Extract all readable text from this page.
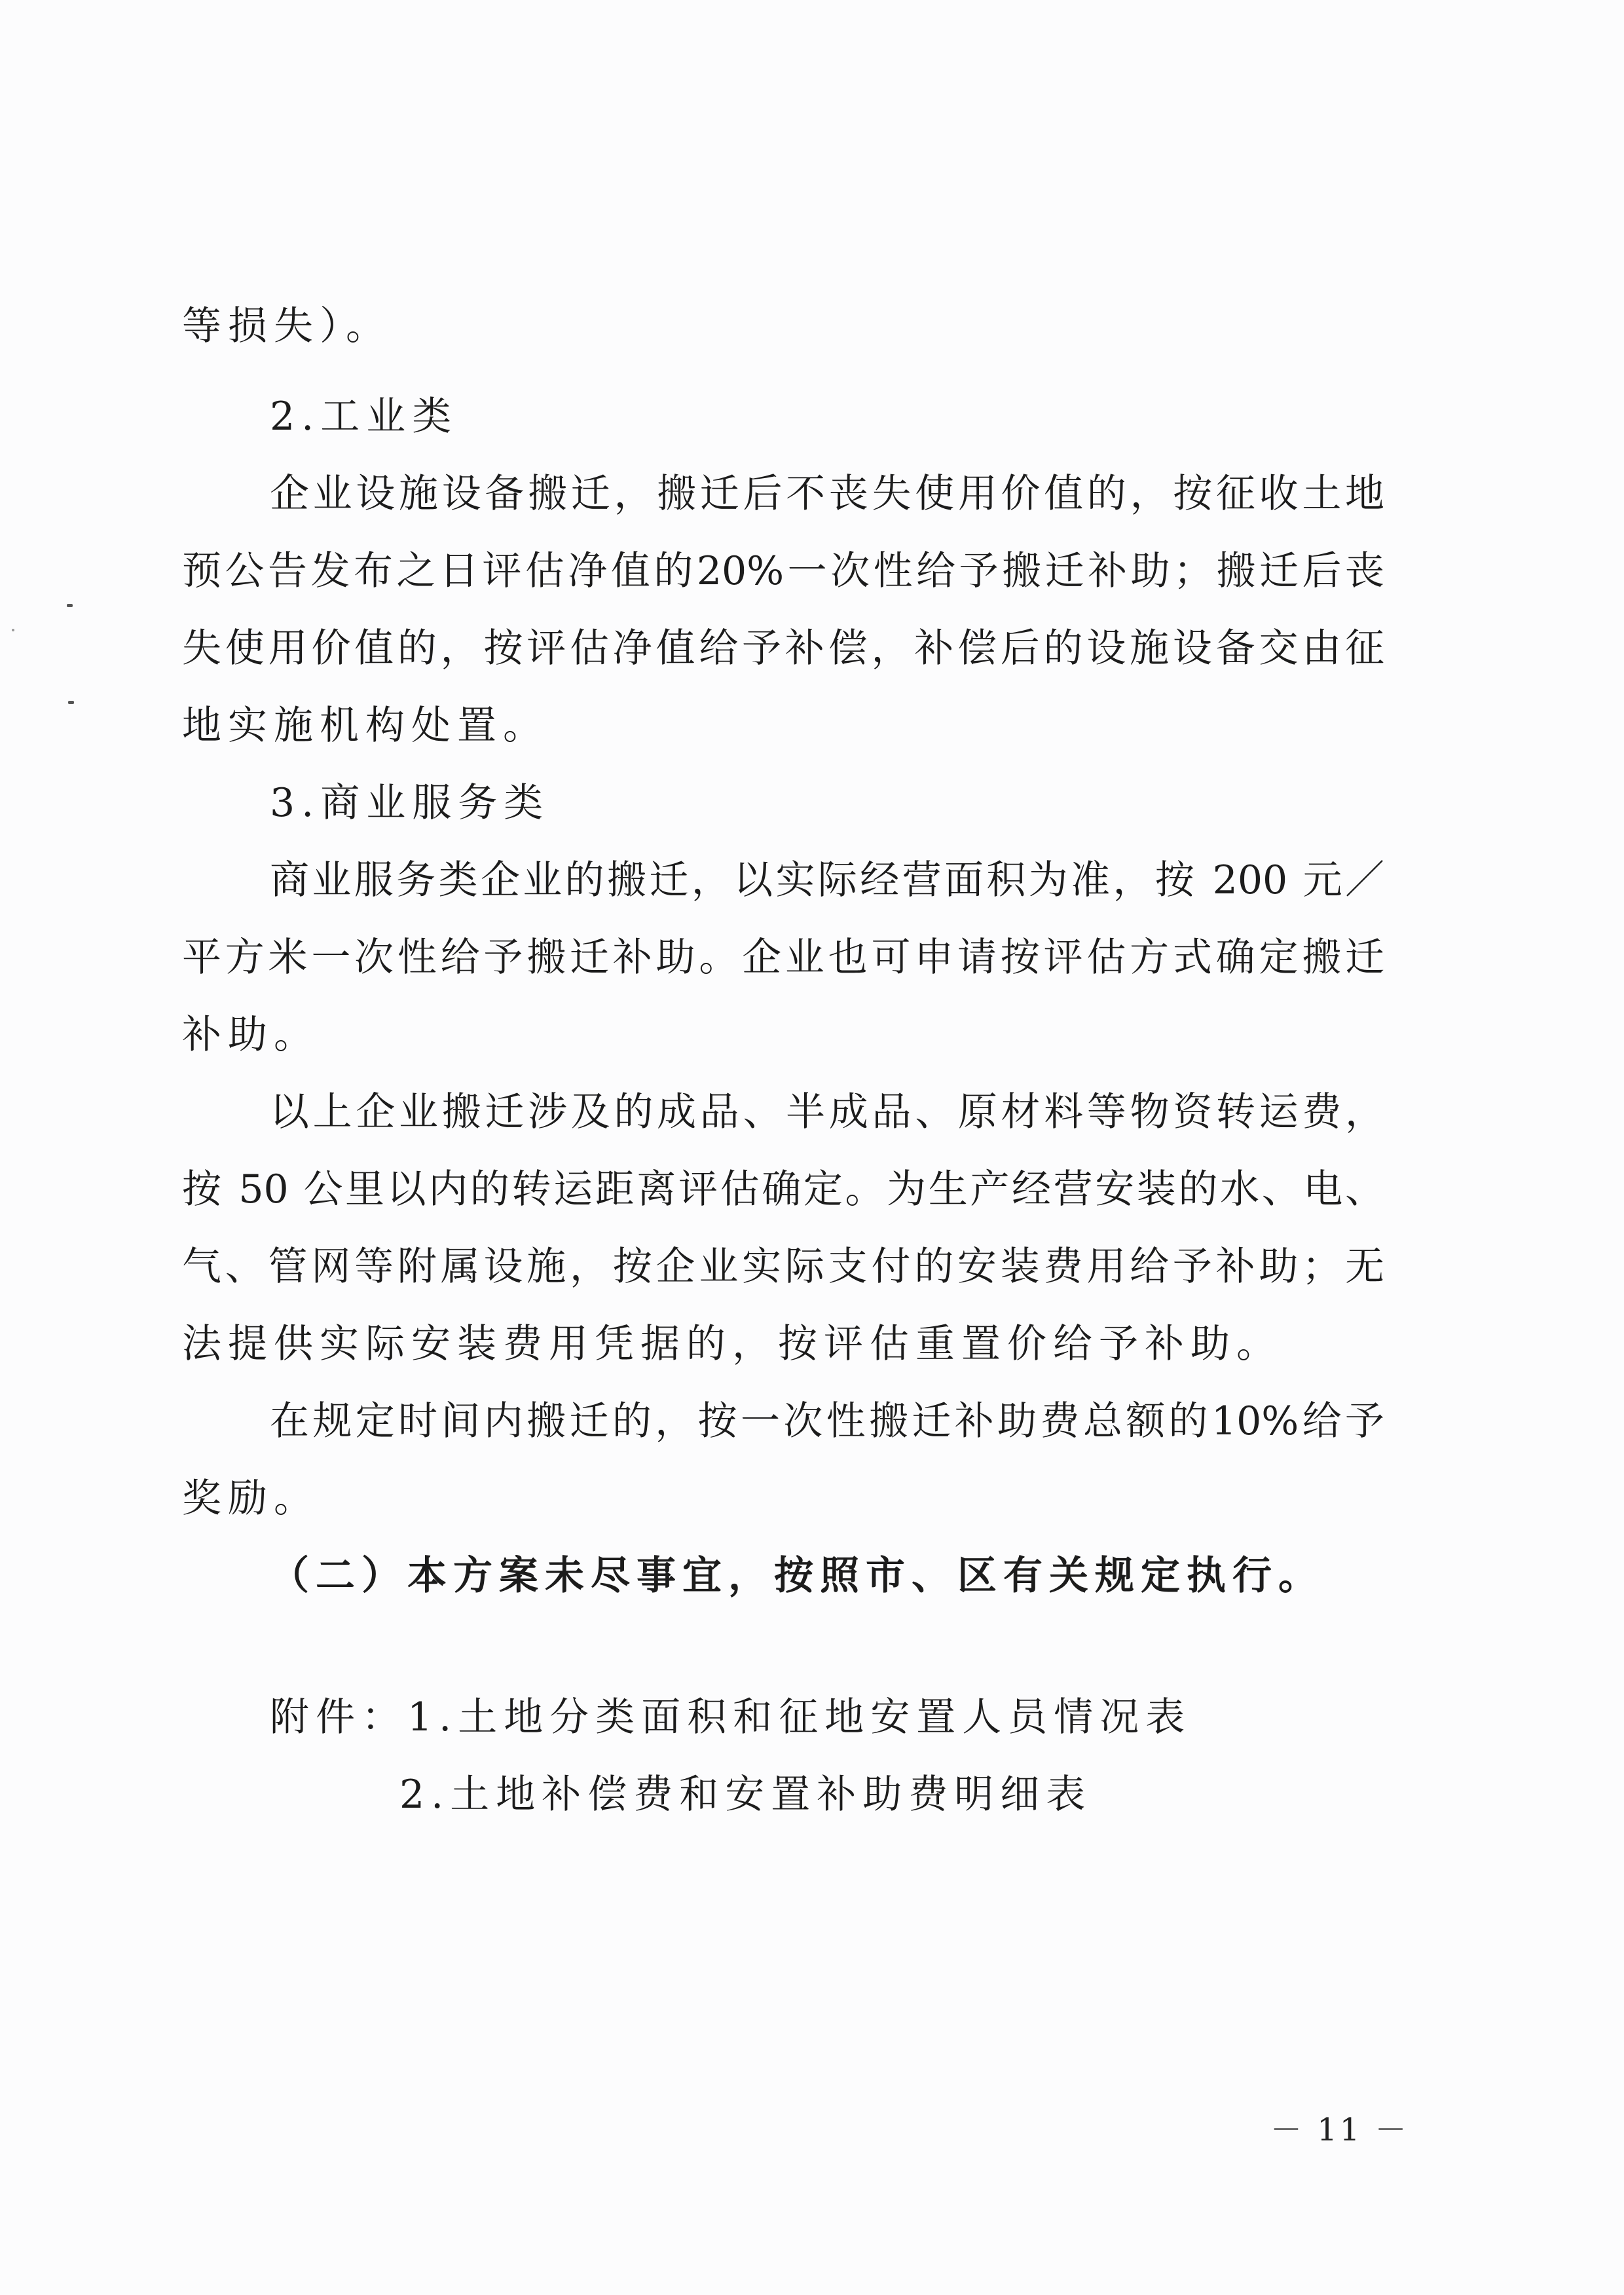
等损失）。
2.工业类
企业设施设备搬迁，搬迁后不丧失使用价值的，按征收土地
预公告发布之日评估净值的20%一次性给予搬迁补助；搬迁后丧
失使用价值的，按评估净值给予补偿，补偿后的设施设备交由征
地实施机构处置。
3.商业服务类
商业服务类企业的搬迁，以实际经营面积为准，按 200 元／
平方米一次性给予搬迁补助。企业也可申请按评估方式确定搬迁
补助。
以上企业搬迁涉及的成品、半成品、原材料等物资转运费，
按 50 公里以内的转运距离评估确定。为生产经营安装的水、电、
气、管网等附属设施，按企业实际支付的安装费用给予补助；无
法提供实际安装费用凭据的，按评估重置价给予补助。
在规定时间内搬迁的，按一次性搬迁补助费总额的10%给予
奖励。
（二）本方案未尽事宜，按照市、区有关规定执行。
附件：1.土地分类面积和征地安置人员情况表
2.土地补偿费和安置补助费明细表
－ 11 －
